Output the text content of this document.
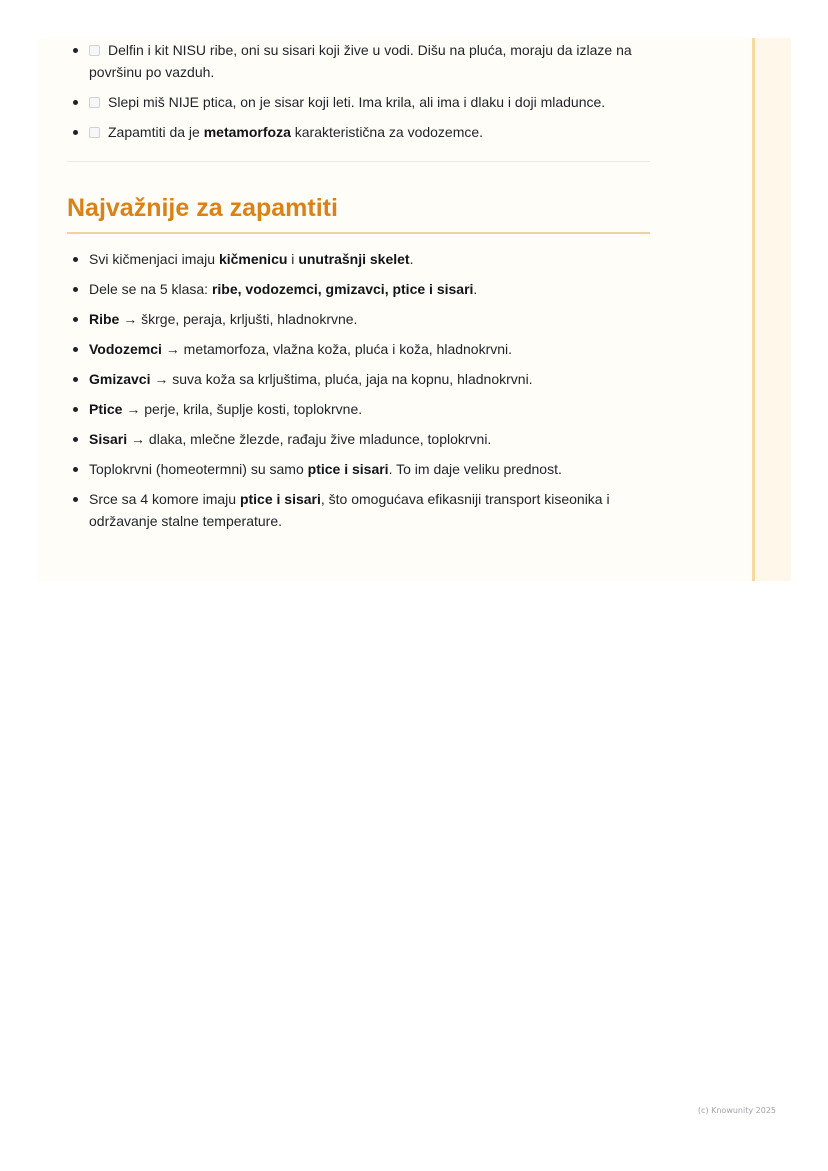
Delfin i kit NISU ribe, oni su sisari koji žive u vodi. Dišu na pluća, moraju da izlaze na površinu po vazduh.
Slepi miš NIJE ptica, on je sisar koji leti. Ima krila, ali ima i dlaku i doji mladunce.
Zapamtiti da je metamorfoza karakteristična za vodozemce.
Najvažnije za zapamtiti
Svi kičmenjaci imaju kičmenicu i unutrašnji skelet.
Dele se na 5 klasa: ribe, vodozemci, gmizavci, ptice i sisari.
Ribe → škrge, peraja, krljušti, hladnokrvne.
Vodozemci → metamorfoza, vlažna koža, pluća i koža, hladnokrvni.
Gmizavci → suva koža sa krljuštima, pluća, jaja na kopnu, hladnokrvni.
Ptice → perje, krila, šuplje kosti, toplokrvne.
Sisari → dlaka, mlečne žlezde, rađaju žive mladunce, toplokrvni.
Toplokrvni (homeotermni) su samo ptice i sisari. To im daje veliku prednost.
Srce sa 4 komore imaju ptice i sisari, što omogućava efikasniji transport kiseonika i održavanje stalne temperature.
(c) Knowunity 2025
